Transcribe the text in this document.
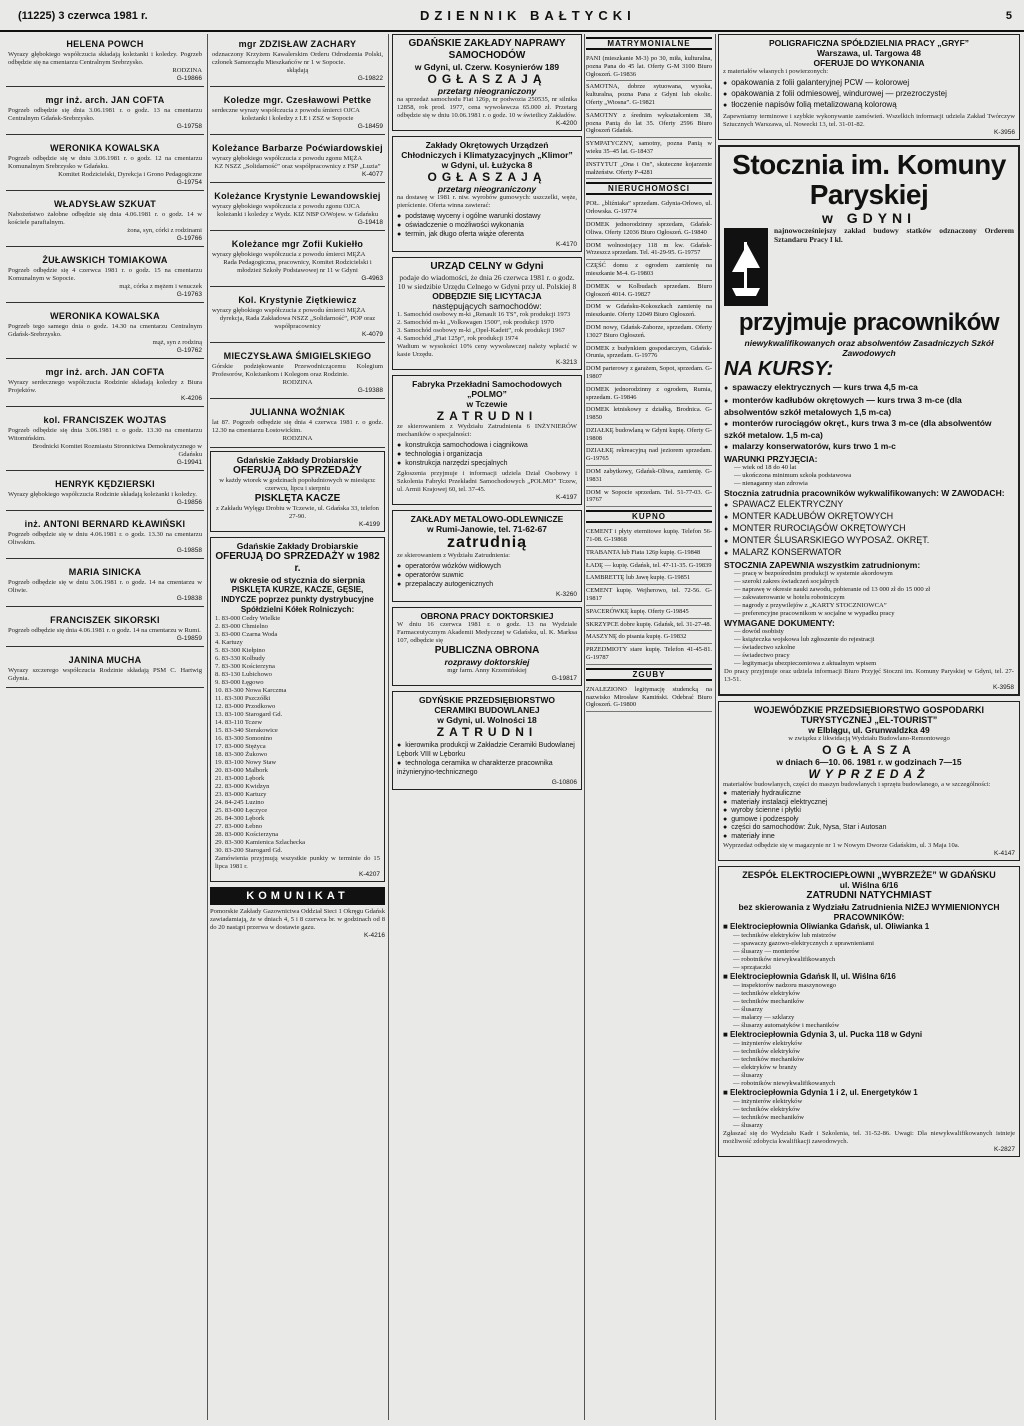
(11225) 3 czerwca 1981 r.	DZIENNIK BAŁTYCKI	5
HELENA POWCH
Wyrazy głębokiego współczucia składają koleżanki i koledzy. Pogrzeb odbędzie się na cmentarzu Centralnym Srebrzysko.
RODZINA
G-19866
mgr inż. arch. JAN COFTA
Pogrzeb odbędzie się dnia 3.06.1981 r. o godz. 13 na cmentarzu Centralnym Gdańsk-Srebrzysko.
G-19758
WERONIKA KOWALSKA
Pogrzeb odbędzie się w dniu 3.06.1981 r. o godz. 12 na cmentarzu Komunalnym Srebrzysko w Gdańsku.
Komitet Rodzicielski, Dyrekcja i Grono Pedagogiczne
G-19754
WŁADYSŁAW SZKUAT
Nabożeństwo żałobne odbędzie się dnia 4.06.1981 r. o godz. 14 w kościele parafialnym.
żona, syn, córki z rodzinami
G-19766
ŻUŁAWSKICH TOMIAKOWA
Pogrzeb odbędzie się 4 czerwca 1981 r. o godz. 15 na cmentarzu Komunalnym w Sopocie.
mąż, córka z mężem i wnuczek
G-19763
WERONIKA KOWALSKA
Pogrzeb tego samego dnia o godz. 14.30 na cmentarzu Centralnym Gdańsk-Srebrzysko.
mąż, syn z rodziną
G-19762
mgr inż. arch. JAN COFTA
Wyrazy serdecznego współczucia Rodzinie składają koledzy z Biura Projektów.
K-4206
kol. FRANCISZEK WOJTAS
Pogrzeb odbędzie się dnia 3.06.1981 r. o godz. 13.30 na cmentarzu Witomińskim.
Brodnicki Komitet Rozmiastu Stronnictwa Demokratycznego w Gdańsku
G-19941
HENRYK KĘDZIERSKI
Wyrazy głębokiego współczucia Rodzinie składają koleżanki i koledzy.
G-19856
inż. ANTONI BERNARD KŁAWIŃSKI
Pogrzeb odbędzie się w dniu 4.06.1981 r. o godz. 13.30 na cmentarzu Oliwskim.
G-19858
MARIA SINICKA
Pogrzeb odbędzie się w dniu 3.06.1981 r. o godz. 14 na cmentarzu w Oliwie.
G-19838
FRANCISZEK SIKORSKI
Pogrzeb odbędzie się dnia 4.06.1981 r. o godz. 14 na cmentarzu w Rumi.
G-19859
JANINA MUCHA
Wyrazy szczerego współczucia Rodzinie składają PSM C. Hartwig Gdynia.
mgr ZDZISŁAW ZACHARY
odznaczony Krzyżem Kawalerskim Orderu Odrodzenia Polski, członek Samorządu Mieszkańców nr 1 w Sopocie.
skłądają
G-19822
Koledze mgr. Czesławowi Pettke
serdeczne wyrazy współczucia z powodu śmierci OJCA
koleżanki i koledzy z I.E i ZSZ w Sopocie
G-18459
Koleżance Barbarze Poćwiardowskiej
wyrazy głębokiego współczucia z powodu zgonu MĘŻA
KZ NSZZ „Solidarność” oraz współpracownicy z FSP „Luzia”
K-4077
Koleżance Krystynie Lewandowskiej
wyrazy głębokiego współczucia z powodu zgonu OJCA
koleżanki i koledzy z Wydz. KIZ NBP O/Wojew. w Gdańsku
G-19418
Koleżance mgr Zofii Kukiełło
wyrazy głębokiego współczucia z powodu śmierci MĘŻA
Rada Pedagogiczna, pracownicy, Komitet Rodzicielski i młodzież Szkoły Podstawowej nr 11 w Gdyni
G-4963
Kol. Krystynie Ziętkiewicz
wyrazy głębokiego współczucia z powodu śmierci MĘŻA
dyrekcja, Rada Zakładowa NSZZ „Solidarność”, POP oraz współpracownicy
K-4079
MIECZYSŁAWA ŚMIGIELSKIEGO
Górskie podziękowanie Przewodniczącemu Kolegium Profesorów, Koleżankom i Kolegom oraz Rodzinie.
RODZINA
G-19388
JULIANNA WOŹNIAK
lat 87. Pogrzeb odbędzie się dnia 4 czerwca 1981 r. o godz. 12.30 na cmentarzu Łostowickim.
RODZINA
Gdańskie Zakłady Drobiarskie
OFERUJĄ DO SPRZEDAŻY
w każdy wtorek w godzinach popołudniowych w miesiącu: czerwcu, lipcu i sierpniu
PISKLĘTA KACZE
z Zakładu Wylęgu Drobiu w Tczewie, ul. Gdańska 33, telefon 27-90.
K-4199
Gdańskie Zakłady Drobiarskie
OFERUJĄ DO SPRZEDAŻY w 1982 r.
w okresie od stycznia do sierpnia
PISKLĘTA KURZE, KACZE, GĘSIE, INDYCZE poprzez punkty dystrybucyjne Spółdzielni Kółek Rolniczych:
1. 83-000 Cedry Wielkie
2. 83-000 Chmielno
3. 83-000 Czarna Woda
4. Kartuzy
5. 83-300 Kiełpino
6. 83-330 Kolbudy
7. 83-300 Kościerzyna
8. 83-130 Lubichowo
9. 83-000 Łęgowo
10. 83-300 Nowa Karczma
11. 83-300 Pszczółki
12. 83-000 Przodkowo
13. 83-100 Starogard Gd.
14. 83-110 Tczew
15. 83-340 Sierakowice
16. 83-300 Somonino
17. 83-000 Stężyca
18. 83-300 Żukowo
19. 83-100 Nowy Staw
20. 83-000 Malbork
21. 83-000 Lębork
22. 83-000 Kwidzyn
23. 83-000 Kartuzy
24. 84-245 Luzino
25. 83-000 Łęczyce
26. 84-300 Lębork
27. 83-000 Łebno
28. 83-000 Kościerzyna
29. 83-300 Kamienica Szlachecka
30. 83-200 Starogard Gd.
Zamówienia przyjmują wszystkie punkty w terminie do 15 lipca 1981 r.
K-4207
KOMUNIKAT
Pomorskie Zakłady Gazownictwa Oddział Sieci 1 Okręgu Gdańsk zawiadamiają, że w dniach 4, 5 i 8 czerwca br. w godzinach od 8 do 20 nastąpi przerwa w dostawie gazu.
K-4216
GDAŃSKIE ZAKŁADY NAPRAWY SAMOCHODÓW
w Gdyni, ul. Czerw. Kosynierów 189
OGŁASZAJĄ
przetarg nieograniczony
na sprzedaż samochodu Fiat 126p, nr podwozia 250535, nr silnika 12858, rok prod. 1977, cena wywoławcza 65.000 zł. Przetarg odbędzie się w dniu 10.06.1981 r. o godz. 10 w świetlicy Zakładów.
K-4200
Zakłady Okrętowych Urządzeń Chłodniczych i Klimatyzacyjnych „Klimor”
w Gdyni, ul. Łużycka 8
OGŁASZAJĄ
przetarg nieograniczony
na dostawę w 1981 r. niw. wyrobów gumowych: uszczelki, węże, pierścienie. Oferta winna zawierać:
● podstawę wyceny i ogólne warunki dostawy
● oświadczenie o możliwości wykonania
● termin, jak długo oferta wiąże oferenta
K-4170
URZĄD CELNY w Gdyni
podaje do wiadomości, że dnia 26 czerwca 1981 r. o godz. 10 w siedzibie Urzędu Celnego w Gdyni przy ul. Polskiej 8
ODBĘDZIE SIĘ LICYTACJA
następujących samochodów:
1. Samochód osobowy m-ki „Renault 16 TS”, rok produkcji 1973
2. Samochód m-ki „Volkswagen 1500”, rok produkcji 1970
3. Samochód osobowy m-ki „Opel-Kadett”, rok produkcji 1967
4. Samochód „Fiat 125p”, rok produkcji 1974
Wadium w wysokości 10% ceny wywoławczej należy wpłacić w kasie Urzędu.
K-3213
Fabryka Przekładni Samochodowych „POLMO”
w Tczewie
ZATRUDNI
ze skierowaniem z Wydziału Zatrudnienia 6 INŻYNIERÓW mechaników o specjalności:
● konstrukcja samochodowa i ciągnikowa
● technologia i organizacja
● konstrukcja narzędzi specjalnych
Zgłoszenia przyjmuje i informacji udziela Dział Osobowy i Szkolenia Fabryki Przekładni Samochodowych „POLMO” Tczew, ul. Armii Krajowej 60, tel. 37-45.
K-4197
ZAKŁADY METALOWO-ODLEWNICZE
w Rumi-Janowie, tel. 71-62-67
zatrudnią
ze skierowaniem z Wydziału Zatrudnienia:
● operatorów wózków widłowych
● operatorów suwnic
● przepalaczy autogenicznych
K-3260
OBRONA PRACY DOKTORSKIEJ
W dniu 16 czerwca 1981 r. o godz. 13 na Wydziale Farmaceutycznym Akademii Medycznej w Gdańsku, ul. K. Marksa 107, odbędzie się
PUBLICZNA OBRONA
rozprawy doktorskiej
mgr farm. Anny Krzemińskiej
G-19817
GDYŃSKIE PRZEDSIĘBIORSTWO CERAMIKI BUDOWLANEJ
w Gdyni, ul. Wolności 18
ZATRUDNI
● kierownika produkcji w Zakładzie Ceramiki Budowlanej Lębork VIII w Lęborku
● technologa ceramika w charakterze pracownika inżynieryjno-technicznego
G-10806
MATRYMONIALNE
PANI (mieszkanie M-3) po 30, miła, kulturalna, pozna Pana do 45 lat. Oferty G-M 3100 Biuro Ogłoszeń. G-19836
SAMOTNA, dobrze sytuowana, wysoka, kulturalna, pozna Pana z Gdyni lub okolic. Oferty „Wiosna”. G-19821
SAMOTNY z średnim wykształceniem 38, pozna Panią do lat 35. Oferty 2596 Biuro Ogłoszeń Gdańsk.
SYMPATYCZNY, samotny, pozna Panią w wieku 35–45 lat. G-18437
INSTYTUT „Ona i On”, skuteczne kojarzenie małżeństw. Oferty P-4281
NIERUCHOMOŚCI
POŁ. „bliźniaka” sprzedam. Gdynia-Orłowo, ul. Orłowska. G-19774
DOMEK jednorodzinny sprzedam, Gdańsk-Oliwa. Oferty 12036 Biuro Ogłoszeń. G-19840
DOM wolnostojący 118 m kw. Gdańsk-Wrzeszcz sprzedam. Tel. 41-29-95. G-19757
CZĘŚĆ domu z ogrodem zamienię na mieszkanie M-4. G-19803
DOMEK w Kolbudach sprzedam. Biuro Ogłoszeń 4014. G-19827
DOM w Gdańsku-Kokoszkach zamienię na mieszkanie. Oferty 12049 Biuro Ogłoszeń.
DOM nowy, Gdańsk-Zaborze, sprzedam. Oferty 13027 Biuro Ogłoszeń.
DOMEK z budynkiem gospodarczym, Gdańsk-Orunia, sprzedam. G-19776
DOM parterowy z garażem, Sopot, sprzedam. G-19807
DOMEK jednorodzinny z ogrodem, Rumia, sprzedam. G-19846
DOMEK letniskowy z działką, Brodnica. G-19850
DZIAŁKĘ budowlaną w Gdyni kupię. Oferty G-19808
DZIAŁKĘ rekreacyjną nad jeziorem sprzedam. G-19765
DOM zabytkowy, Gdańsk-Oliwa, zamienię. G-19831
DOM w Sopocie sprzedam. Tel. 51-77-03. G-19767
KUPNO
CEMENT i płyty eternitowe kupię. Telefon 56-71-08. G-19868
TRABANTA lub Fiata 126p kupię. G-19848
ŁADĘ — kupię. Gdańsk, tel. 47-11-35. G-19839
LAMBRETTĘ lub Jawę kupię. G-19851
CEMENT kupię. Wejherowo, tel. 72-56. G-19817
SPACERÓWKĘ kupię. Oferty G-19845
SKRZYPCE dobre kupię. Gdańsk, tel. 31-27-48.
MASZYNĘ do pisania kupię. G-19832
PRZEDMIOTY stare kupię. Telefon 41-45-81. G-19787
ZGUBY
ZNALEZIONO legitymację studencką na nazwisko Mirosław Kamiński. Odebrać Biuro Ogłoszeń. G-19800
POLIGRAFICZNA SPÓŁDZIELNIA PRACY „GRYF”
Warszawa, ul. Targowa 48
OFERUJE DO WYKONANIA
z materiałów własnych i powierzonych:
● opakowania z folii galanteryjnej PCW — kolorowej
● opakowania z folii odmiesowej, windurowej — przezroczystej
● tłoczenie napisów folią metalizowaną kolorową
Zapewniamy terminowe i szybkie wykonywanie zamówień. Wszelkich informacji udziela Zakład Twórczyw Sztucznych Warszawa, ul. Nowecki 13, tel. 31-01-82.
K-3956
Stocznia im. Komuny Paryskiej
w GDYNI
najnowocześniejszy zakład budowy statków odznaczony Orderem Sztandaru Pracy I kl.
przyjmuje pracowników
niewykwalifikowanych oraz absolwentów Zasadniczych Szkół Zawodowych
NA KURSY:
● spawaczy elektrycznych — kurs trwa 4,5 m-ca
● monterów kadłubów okrętowych — kurs trwa 3 m-ce (dla absolwentów szkół metalowych 1,5 m-ca)
● monterów rurociągów okręt., kurs trwa 3 m-ce (dla absolwentów szkół metalow. 1,5 m-ca)
● malarzy konserwatorów, kurs trwo 1 m-c
WARUNKI PRZYJĘCIA:
— wiek od 18 do 40 lat
— ukończona minimum szkoła podstawowa
— nienaganny stan zdrowia
Stocznia zatrudnia pracowników wykwalifikowanych: W ZAWODACH:
● SPAWACZ ELEKTRYCZNY
● MONTER KADŁUBÓW OKRĘTOWYCH
● MONTER RUROCIĄGÓW OKRĘTOWYCH
● MONTER ŚLUSARSKIEGO WYPOSAŻ. OKRĘT.
● MALARZ KONSERWATOR
STOCZNIA ZAPEWNIA wszystkim zatrudnionym:
— pracę w bezpośrednim produkcji w systemie akordowym
— szeroki zakres świadczeń socjalnych
— naprawę w okresie nauki zawodu, pobieranie od 13 000 zł do 15 000 zł
— zakwaterowanie w hotelu robotniczym
— nagrody z przywilejów z „KARTY STOCZNIOWCA”
— preferencyjne pracownikom w socjalne w wypadku pracy
WYMAGANE DOKUMENTY:
— dowód osobisty
— książeczka wojskowa lub zgłoszenie do rejestracji
— świadectwo szkolne
— świadectwo pracy
— legitymacja ubezpieczeniowa z aktualnym wpisem
Do pracy przyjmuje oraz udziela informacji Biuro Przyjęć Stoczni im. Komuny Paryskiej w Gdyni, tel. 27-13-51.
K-3958
WOJEWÓDZKIE PRZEDSIĘBIORSTWO GOSPODARKI TURYSTYCZNEJ „EL-TOURIST”
w Elblągu, ul. Grunwaldzka 49
w związku z likwidacją Wydziału Budowlano-Remontowego
OGŁASZA
w dniach 6—10. 06. 1981 r. w godzinach 7—15
WYPRZEDAŻ
materiałów budowlanych, części do maszyn budowlanych i sprzętu budowlanego, a w szczególności:
● materiały hydrauliczne
● materiały instalacji elektrycznej
● wyroby ścienne i płytki
● gumowe i podzespoły
● części do samochodów: Żuk, Nysa, Star i Autosan
● materiały inne
Wyprzedaż odbędzie się w magazynie nr 1 w Nowym Dworze Gdańskim, ul. 3 Maja 10a.
K-4147
ZESPÓŁ ELEKTROCIEPŁOWNI „WYBRZEŻE” W GDAŃSKU
ul. Wiślna 6/16
ZATRUDNI NATYCHMIAST
bez skierowania z Wydziału Zatrudnienia NIŻEJ WYMIENIONYCH PRACOWNIKÓW:
■ Elektrociepłownia Oliwianka Gdańsk, ul. Oliwianka 1
— techników elektryków lub mistrzów
— spawaczy gazowo-elektrycznych z uprawnieniami
— ślusarzy — monterów
— robotników niewykwalifikowanych
— sprzątaczki
■ Elektrociepłownia Gdańsk II, ul. Wiślna 6/16
— inspektorów nadzoru maszynowego
— techników elektryków
— techników mechaników
— ślusarzy
— malarzy — szklarzy
— ślusarzy automatyków i mechaników
■ Elektrociepłownia Gdynia 3, ul. Pucka 118 w Gdyni
— inżynierów elektryków
— techników elektryków
— techników mechaników
— elektryków w branży
— ślusarzy
— robotników niewykwalifikowanych
■ Elektrociepłownia Gdynia 1 i 2, ul. Energetyków 1
— inżynierów elektryków
— techników elektryków
— techników mechaników
— ślusarzy
Zgłaszać się do Wydziału Kadr i Szkolenia, tel. 31-52-86. Uwagi: Dla niewykwalifikowanych istnieje możliwość zdobycia kwalifikacji zawodowych.
K-2827
